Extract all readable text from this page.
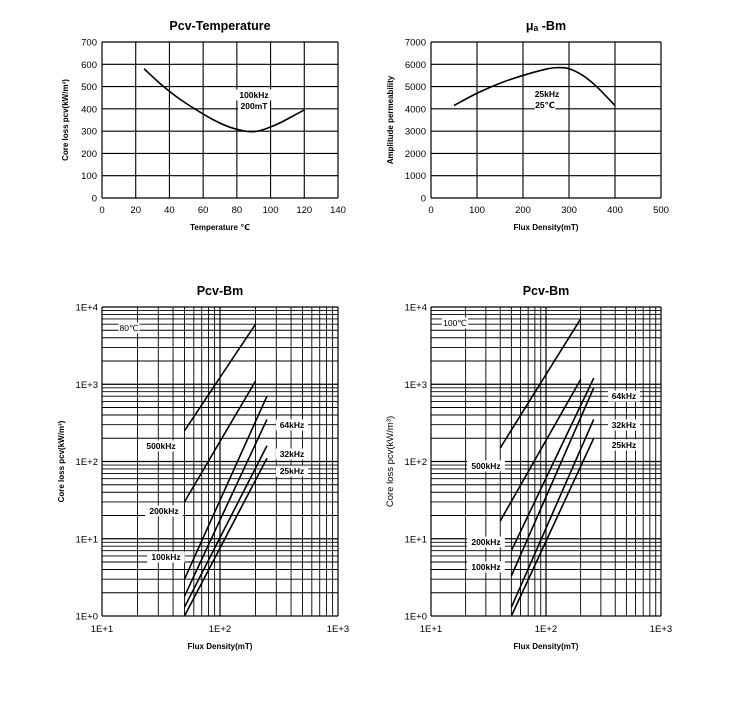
0	20 40 60 80 100 120 140
0
100
200
300
400
500
600
700
Pcv-Temperature
Temperature ℃
Core loss pcv(kW/m³)	100kHz
200mT
0	100	200	300	400	500
0
1000
2000
3000
4000
5000
6000
7000
μₐ -Bm
Flux Density(mT)
Amplitude permeability	25kHz
25℃
1E+1	1E+2	1E+3
1E+0
1E+1
1E+2
1E+3
1E+4
Pcv-Bm
Flux Density(mT)
Core loss pcv(kW/m³)
80℃
500kHz
200kHz
100kHz
64kHz
32kHz
25kHz
1E+1	1E+2	1E+3
1E+0
1E+1
1E+2
1E+3
1E+4
Pcv-Bm
Flux Density(mT)
Core loss pcv(kW/m³)
100℃
500kHz
200kHz
100kHz
64kHz
32kHz
25kHz
